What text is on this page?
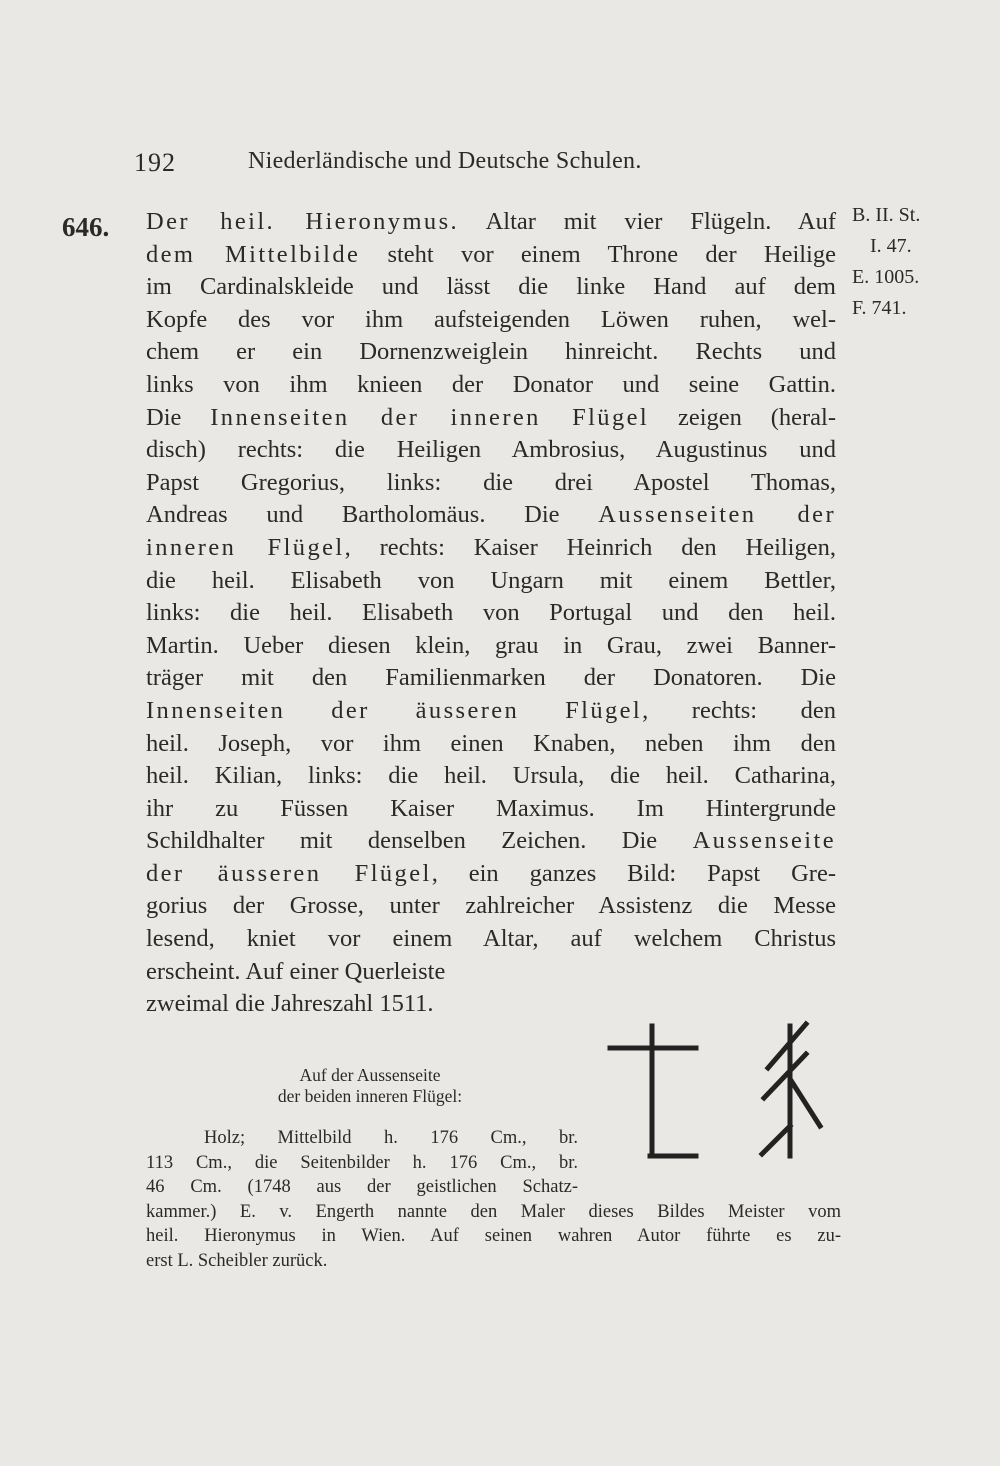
192	Niederländische und Deutsche Schulen.
646.	B. II. St.
I. 47.
E. 1005.
F. 741.
Der heil. Hieronymus. Altar mit vier Flügeln. Auf
dem Mittelbilde steht vor einem Throne der Heilige
im Cardinalskleide und lässt die linke Hand auf dem
Kopfe des vor ihm aufsteigenden Löwen ruhen, wel-
chem er ein Dornenzweiglein hinreicht. Rechts und
links von ihm knieen der Donator und seine Gattin.
Die Innenseiten der inneren Flügel zeigen (heral-
disch) rechts: die Heiligen Ambrosius, Augustinus und
Papst Gregorius, links: die drei Apostel Thomas,
Andreas und Bartholomäus. Die Aussenseiten der
inneren Flügel, rechts: Kaiser Heinrich den Heiligen,
die heil. Elisabeth von Ungarn mit einem Bettler,
links: die heil. Elisabeth von Portugal und den heil.
Martin. Ueber diesen klein, grau in Grau, zwei Banner-
träger mit den Familienmarken der Donatoren. Die
Innenseiten der äusseren Flügel, rechts: den
heil. Joseph, vor ihm einen Knaben, neben ihm den
heil. Kilian, links: die heil. Ursula, die heil. Catharina,
ihr zu Füssen Kaiser Maximus. Im Hintergrunde
Schildhalter mit denselben Zeichen. Die Aussenseite
der äusseren Flügel, ein ganzes Bild: Papst Gre-
gorius der Grosse, unter zahlreicher Assistenz die Messe
lesend, kniet vor einem Altar, auf welchem Christus
erscheint. Auf einer Querleiste
zweimal die Jahreszahl 1511.
Auf der Aussenseite
der beiden inneren Flügel:
Holz; Mittelbild h. 176 Cm., br.
113 Cm., die Seitenbilder h. 176 Cm., br.
46 Cm. (1748 aus der geistlichen Schatz-
kammer.) E. v. Engerth nannte den Maler dieses Bildes Meister vom
heil. Hieronymus in Wien. Auf seinen wahren Autor führte es zu-
erst L. Scheibler zurück.
